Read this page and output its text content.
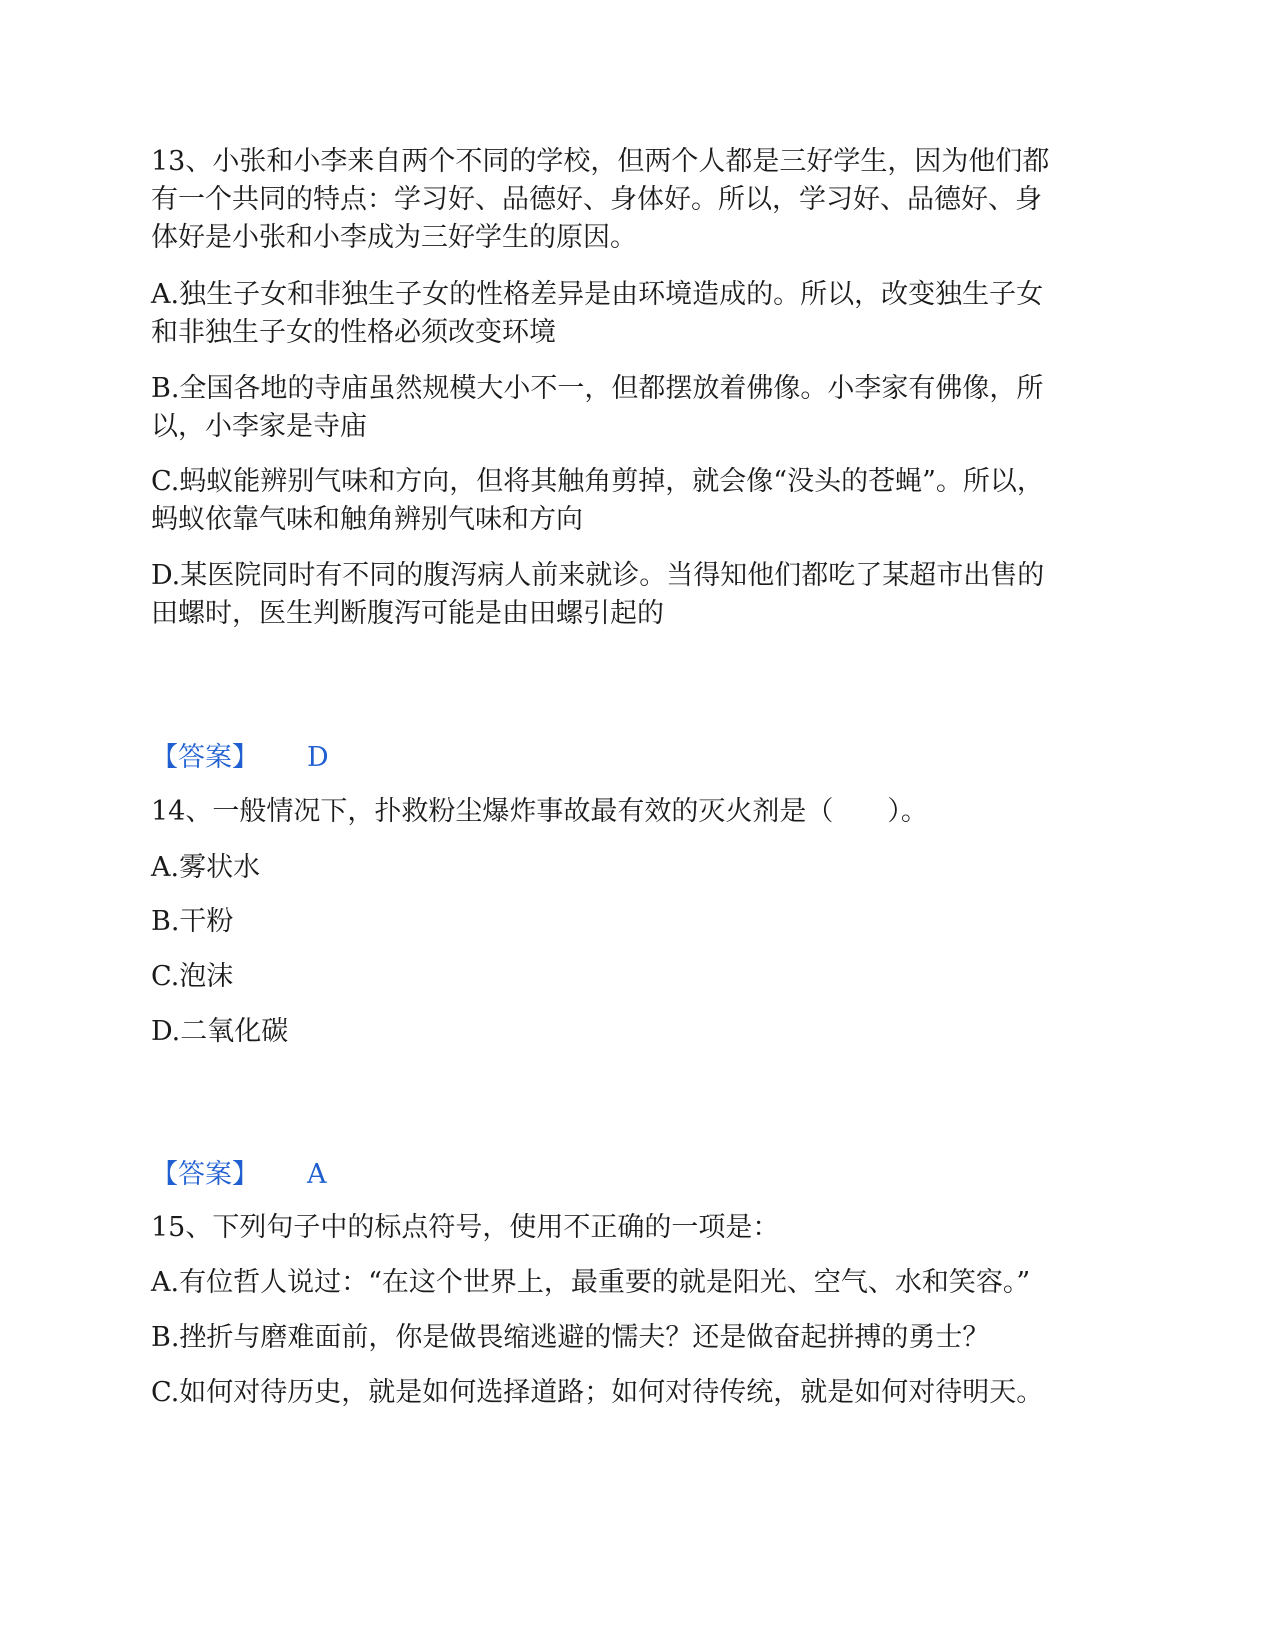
13、小张和小李来自两个不同的学校，但两个人都是三好学生，因为他们都
有一个共同的特点：学习好、品德好、身体好。所以，学习好、品德好、身
体好是小张和小李成为三好学生的原因。
A.独生子女和非独生子女的性格差异是由环境造成的。所以，改变独生子女
和非独生子女的性格必须改变环境
B.全国各地的寺庙虽然规模大小不一，但都摆放着佛像。小李家有佛像，所
以，小李家是寺庙
C.蚂蚁能辨别气味和方向，但将其触角剪掉，就会像“没头的苍蝇”。所以，
蚂蚁依靠气味和触角辨别气味和方向
D.某医院同时有不同的腹泻病人前来就诊。当得知他们都吃了某超市出售的
田螺时，医生判断腹泻可能是由田螺引起的
【答案】 D
14、一般情况下，扑救粉尘爆炸事故最有效的灭火剂是（　　）。
A.雾状水
B.干粉
C.泡沫
D.二氧化碳
【答案】 A
15、下列句子中的标点符号，使用不正确的一项是：
A.有位哲人说过：“在这个世界上，最重要的就是阳光、空气、水和笑容。”
B.挫折与磨难面前，你是做畏缩逃避的懦夫？还是做奋起拼搏的勇士？
C.如何对待历史，就是如何选择道路；如何对待传统，就是如何对待明天。
